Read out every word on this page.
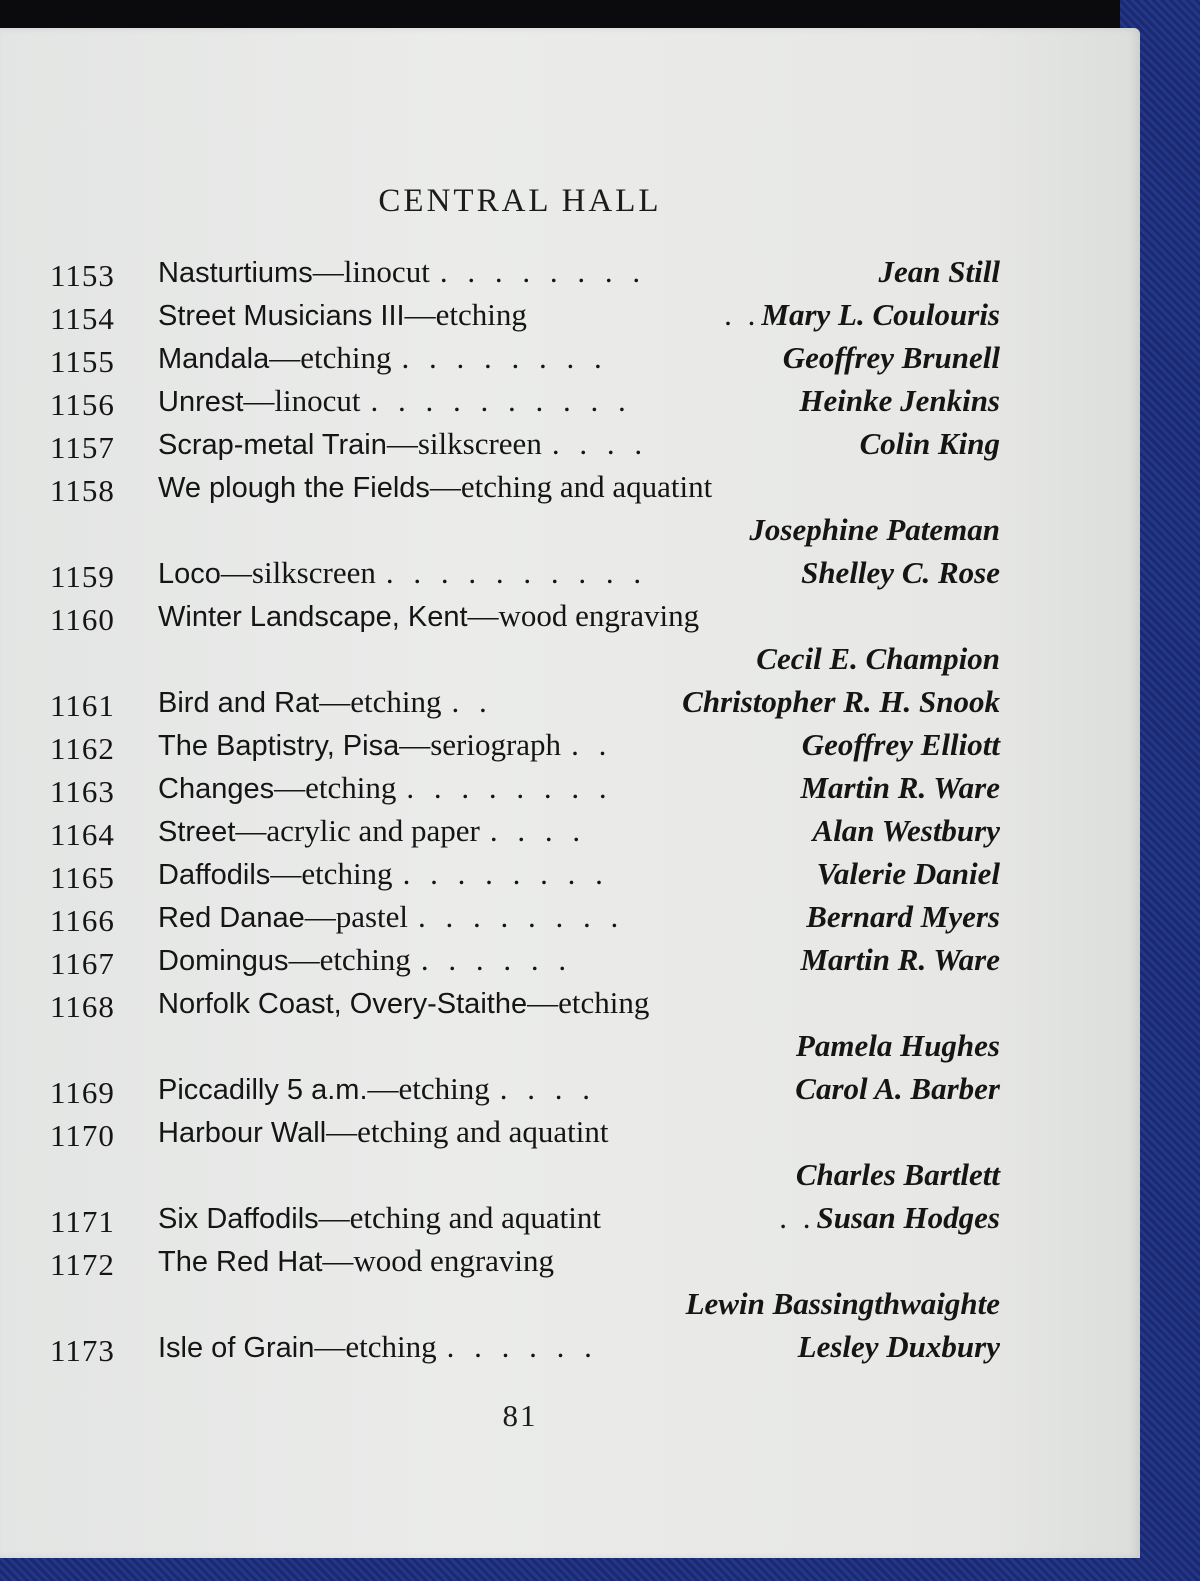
CENTRAL HALL
1153	Nasturtiums—linocut . . . . . . . .	Jean Still
1154	Street Musicians III—etching	. .Mary L. Coulouris
1155	Mandala—etching . . . . . . . .	Geoffrey Brunell
1156	Unrest—linocut . . . . . . . . . .	Heinke Jenkins
1157	Scrap-metal Train—silkscreen . . . .	Colin King
1158	We plough the Fields—etching and aquatint
Josephine Pateman
1159	Loco—silkscreen . . . . . . . . . .	Shelley C. Rose
1160	Winter Landscape, Kent—wood engraving
Cecil E. Champion
1161	Bird and Rat—etching . .	Christopher R. H. Snook
1162	The Baptistry, Pisa—seriograph . .	Geoffrey Elliott
1163	Changes—etching . . . . . . . .	Martin R. Ware
1164	Street—acrylic and paper . . . .	Alan Westbury
1165	Daffodils—etching . . . . . . . .	Valerie Daniel
1166	Red Danae—pastel . . . . . . . .	Bernard Myers
1167	Domingus—etching . . . . . .	Martin R. Ware
1168	Norfolk Coast, Overy-Staithe—etching
Pamela Hughes
1169	Piccadilly 5 a.m.—etching . . . .	Carol A. Barber
1170	Harbour Wall—etching and aquatint
Charles Bartlett
1171	Six Daffodils—etching and aquatint	. .Susan Hodges
1172	The Red Hat—wood engraving
Lewin Bassingthwaighte
1173	Isle of Grain—etching . . . . . .	Lesley Duxbury
81
